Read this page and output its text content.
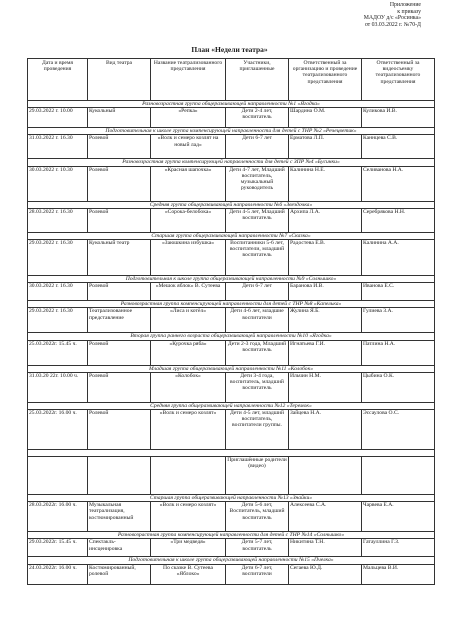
Приложение
к приказу
МАДОУ д/с «Росинка»
от 03.03.2022 г. №70-Д
План «Недели театра»
Дата и время проведения	Вид театра	Название театрализованного представления	Участники, приглашенные	Ответственный за организацию и проведение театрализованного представления	Ответственный за видеосъемку театрализованного представления
Разновозрастная группа общеразвивающей направленности №1 «Ягодка»					
29.03.2022 г. 10.00	Кукольный	«Репка»	Дети 2-4 лет, воспитатель	Шардина О.М.	Куликова И.В.
Подготовительная к школе группа компенсирующей направленности для детей с ТНР №2 «Речецветик»					
31.03.2022 г. 16.30	Ролевой	«Волк и семеро козлят на новый лад»	Дети 6-7 лет	Ерматова Л.П.	Каннцева С.В.
Разновозрастная группа компенсирующей направленности для детей с ЗПР №4 «Бусинки»					
30.03.2022 г. 10.30	Ролевой	«Красная шапочка»	Дети 4-7 лет, Младший воспитатель, музыкальный руководитель	Калинина Н.Е.	Селиванова Н.А.
Средняя группа общеразвивающей направленности №6 «Звездочка»					
28.03.2022 г. 16.30	Ролевой	«Сорока-белобока»	Дети 4-5 лет, Младший воспитатель	Архипа Л.А.	Серебрякова Н.Н.
Старшая группа общеразвивающей направленности №7 «Сказка»					
29.03.2022 г. 16.30	Кукольный театр	«Заюшкина избушка»	Воспитанники 5-6 лет, воспитатели, младший воспитатель	Радостева Е.В.	Калинина А.А.
Подготовительная к школе группа общеразвивающей направленности №9 «Солнышко»					
30.03.2022 г. 16.30	Ролевой	«Мешок яблок» В. Сутеева	Дети 6-7 лет	Баранова И.В.	Иванова Е.С.
Разновозрастная группа компенсирующей направленности для детей с ТНР №8 «Капелька»					
29.03.2022 г. 16.30	Театрализованное представление	«Лиса и котёл»	Дети 4-6 лет, младшие воспитатели	Жулина Я.Б.	Гулиева З.А.
Вторая группа раннего возраста общеразвивающей направленности №10 «Ягодка»					
25.03.2022г. 15.45 ч.	Ролевой	«Курочка ряба»	Дети 2-3 года, Младший воспитатель	Игнатьева Г.И.	Патлина Н.А.
Младшая группа общеразвивающей направленности №11 «Колобок»					
31.03.20 22г. 10.00 ч.	Ролевой	«Колобок»	Дети 3-4 года, воспитатель, младший воспитатель	Ильчин Н.М.	Цыбина О.К.
Средняя группа общеразвивающей направленности №12 «Теремок»					
25.03.2022г. 16.00 ч.	Ролевой	«Волк и семеро козлят»	Дети 4-5 лет, младший воспитатель, воспитатели группы.	Зайцева Н.А.	Эссаулова О.С.

			Приглашённые родители (видео)		
Старшая группа общеразвивающей направленности №13 «Знайки»					
28.03.2022г. 16.00 ч.	Музыкальная театрализация, костюмированный	«Волк и семеро козлят»	Дети 5-6 лет, Воспитатель, младший воспитатель	Алексеева С.А.	Чарвева Е.А.
Разновозрастная группа компенсирующей направленности для детей с ТНР №14 «Солнышко»					
29.03.2022г. 15.45 ч.	Спектакль-инсценировка	«Три медведя»	Дети 5-7 лет, воспитатель	Никитина Т.Н.	Гатауллина Г.З.
Подготовительная к школе группа общеразвивающей направленности №15 «Пчелка»					
24.03.2022г. 16.00 ч.	Костюмированный, ролевой	По сказке В. Сутеева «Яблоко»	Дети 6-7 лет, воспитатели	Сегаева Ю.Д.	Мальцева В.И.
